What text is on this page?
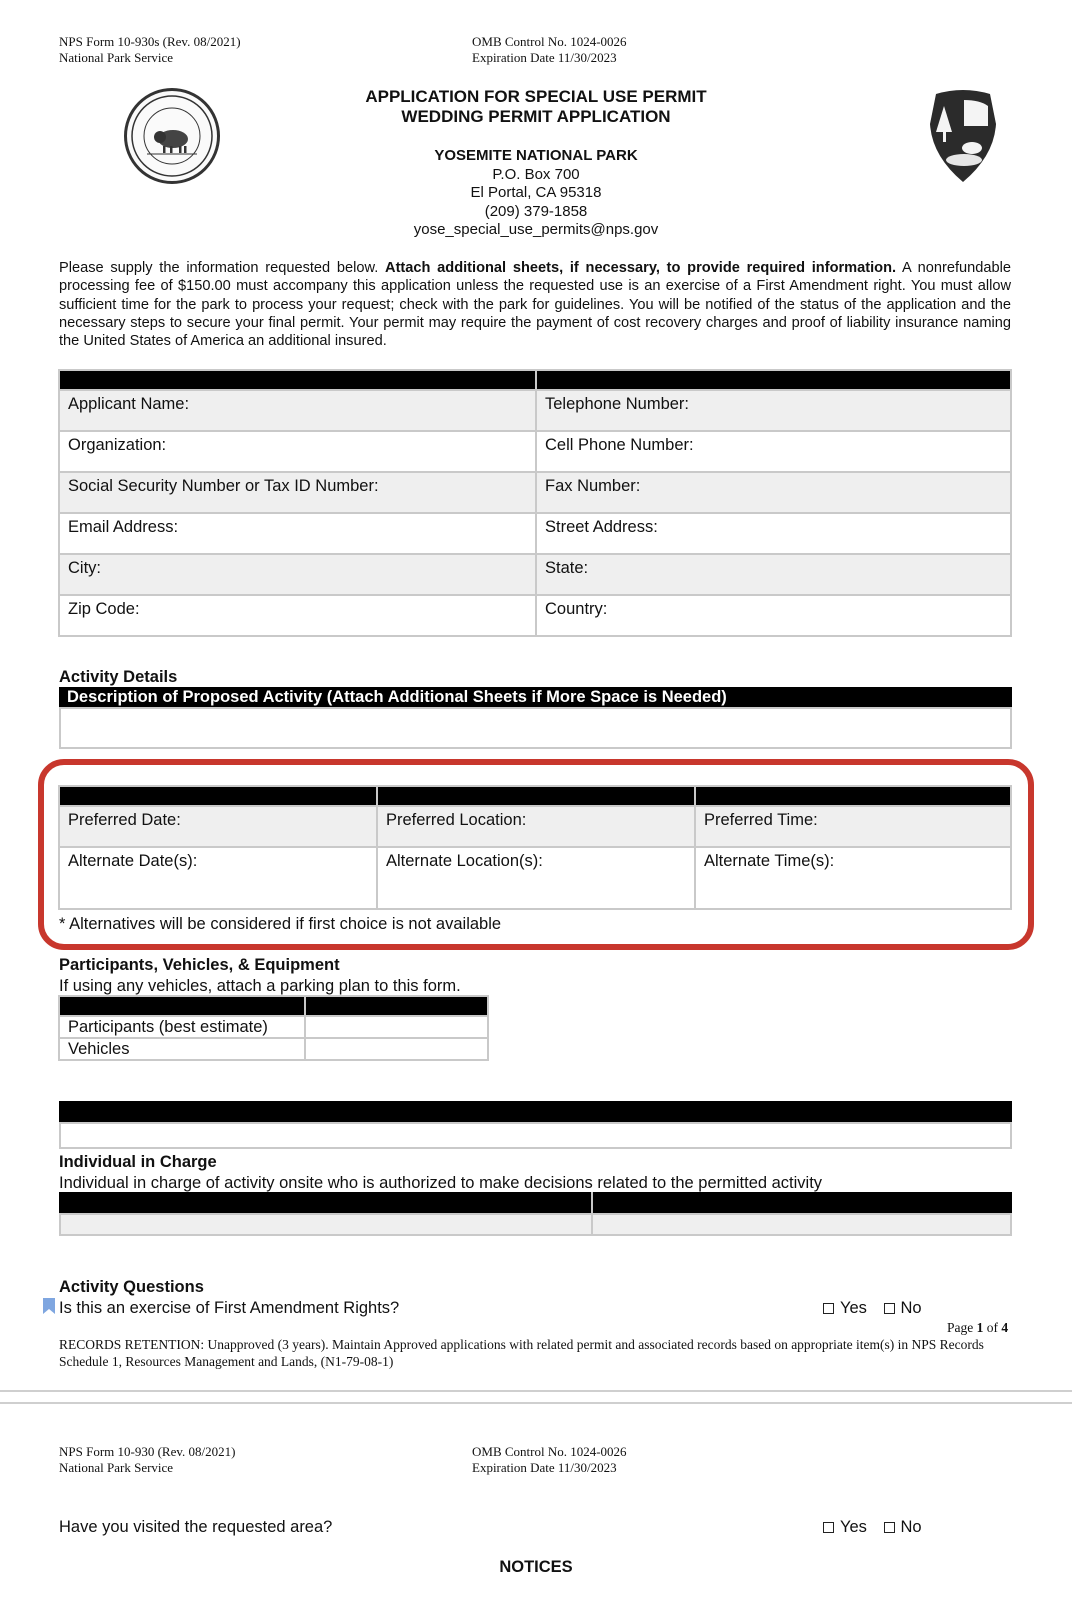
NPS Form 10-930s (Rev. 08/2021)
National Park Service
OMB Control No. 1024-0026
Expiration Date 11/30/2023
APPLICATION FOR SPECIAL USE PERMIT
WEDDING PERMIT APPLICATION
YOSEMITE NATIONAL PARK
P.O. Box 700
El Portal, CA 95318
(209) 379-1858
yose_special_use_permits@nps.gov
Please supply the information requested below. Attach additional sheets, if necessary, to provide required information. A nonrefundable processing fee of $150.00 must accompany this application unless the requested use is an exercise of a First Amendment right. You must allow sufficient time for the park to process your request; check with the park for guidelines. You will be notified of the status of the application and the necessary steps to secure your final permit. Your permit may require the payment of cost recovery charges and proof of liability insurance naming the United States of America an additional insured.

Applicant Name:	Telephone Number:
Organization:	Cell Phone Number:
Social Security Number or Tax ID Number:	Fax Number:
Email Address:	Street Address:
City:	State:
Zip Code:	Country:
Activity Details
Description of Proposed Activity (Attach Additional Sheets if More Space is Needed)

Preferred Date:	Preferred Location:	Preferred Time:
Alternate Date(s):	Alternate Location(s):	Alternate Time(s):
* Alternatives will be considered if first choice is not available
Participants, Vehicles, & Equipment
If using any vehicles, attach a parking plan to this form.

Participants (best estimate)	
Vehicles	
Individual in Charge
Individual in charge of activity onsite who is authorized to make decisions related to the permitted activity
Activity Questions
Is this an exercise of First Amendment Rights?	Yes No
Page 1 of 4
RECORDS RETENTION: Unapproved (3 years). Maintain Approved applications with related permit and associated records based on appropriate item(s) in NPS Records Schedule 1, Resources Management and Lands, (N1-79-08-1)
NPS Form 10-930 (Rev. 08/2021)
National Park Service
OMB Control No. 1024-0026
Expiration Date 11/30/2023
Have you visited the requested area?	Yes No
NOTICES
